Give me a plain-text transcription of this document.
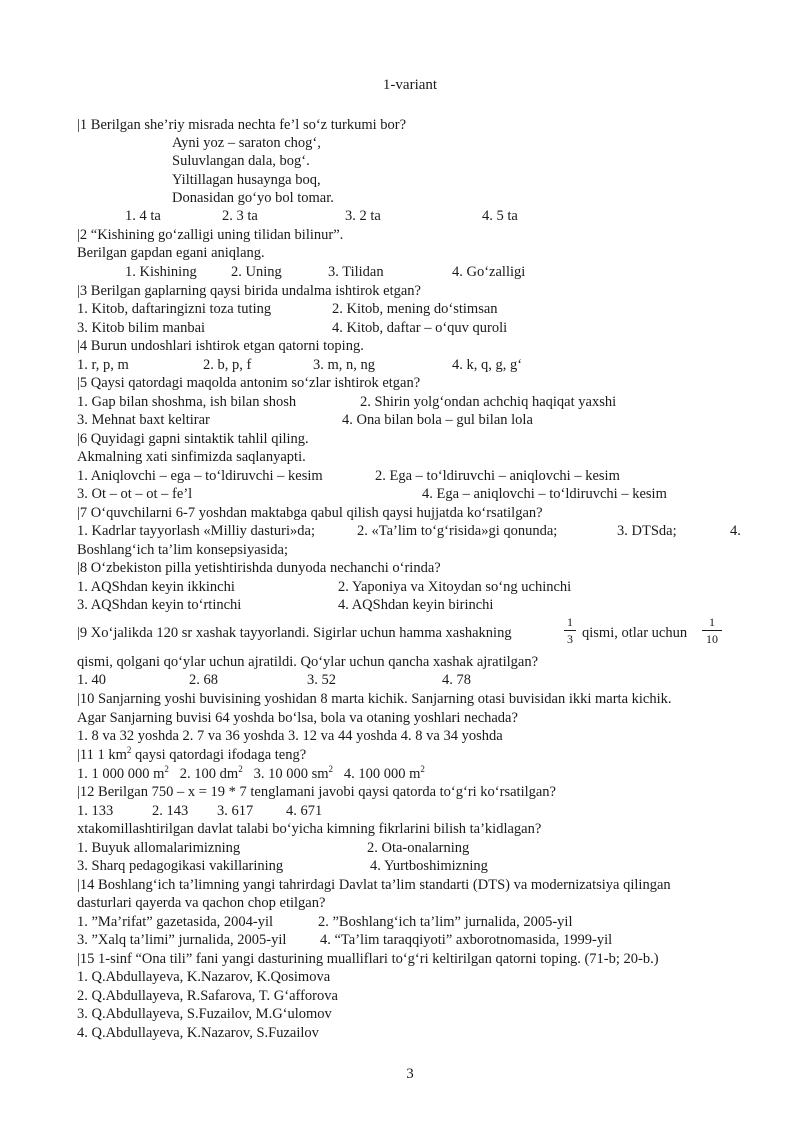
1-variant
|1 Berilgan she’riy misrada nechta fe’l so‘z turkumi bor?
Ayni yoz – saraton chog‘,
Suluvlangan dala, bog‘.
Yiltillagan husaynga boq,
Donasidan go‘yo bol tomar.
1. 4 ta	2. 3 ta	3. 2 ta	4. 5 ta
|2 “Kishining go‘zalligi uning tilidan bilinur”.
Berilgan gapdan egani aniqlang.
1. Kishining 2. Uning	3. Tilidan	4. Go‘zalligi
|3 Berilgan gaplarning qaysi birida undalma ishtirok etgan?
1. Kitob, daftaringizni toza tuting	2. Kitob, mening do‘stimsan
3. Kitob bilim manbai	4. Kitob, daftar – o‘quv quroli
|4 Burun undoshlari ishtirok etgan qatorni toping.
1. r, p, m	2. b, p, f	3. m, n, ng	4. k, q, g, g‘
|5 Qaysi qatordagi maqolda antonim so‘zlar ishtirok etgan?
1. Gap bilan shoshma, ish bilan shosh	2. Shirin yolg‘ondan achchiq haqiqat yaxshi
3. Mehnat baxt keltirar	4. Ona bilan bola – gul bilan lola
|6 Quyidagi gapni sintaktik tahlil qiling.
Akmalning xati sinfimizda saqlanyapti.
1. Aniqlovchi – ega – to‘ldiruvchi – kesim	2. Ega – to‘ldiruvchi – aniqlovchi – kesim
3. Ot – ot – ot – fe’l	4. Ega – aniqlovchi – to‘ldiruvchi – kesim
|7 O‘quvchilarni 6-7 yoshdan maktabga qabul qilish qaysi hujjatda ko‘rsatilgan?
1. Kadrlar tayyorlash «Milliy dasturi»da;	2. «Ta’lim to‘g‘risida»gi qonunda;	3. DTSda;	4.
Boshlang‘ich ta’lim konsepsiyasida;
|8 O‘zbekiston pilla yetishtirishda dunyoda nechanchi o‘rinda?
1. AQShdan keyin ikkinchi	2. Yaponiya va Xitoydan so‘ng uchinchi
3. AQShdan keyin to‘rtinchi	4. AQShdan keyin birinchi
|9 Xo‘jalikda 120 sr xashak tayyorlandi. Sigirlar uchun hamma xashakning
1
3 qismi, otlar uchun
1
10
qismi, qolgani qo‘ylar uchun ajratildi. Qo‘ylar uchun qancha xashak ajratilgan?
1. 40	2. 68	3. 52	4. 78
|10 Sanjarning yoshi buvisining yoshidan 8 marta kichik. Sanjarning otasi buvisidan ikki marta kichik.
Agar Sanjarning buvisi 64 yoshda bo‘lsa, bola va otaning yoshlari nechada?
1. 8 va 32 yoshda 2. 7 va 36 yoshda 3. 12 va 44 yoshda 4. 8 va 34 yoshda
|11 1 $km^2$ qaysi qatordagi ifodaga teng?
1. 1 000 000 $m^2$ 2. 100 $dm^2$ 3. 10 000 $sm^2$ 4. 100 000 $m^2$
|12 Berilgan 750 – x = 19 * 7 tenglamani javobi qaysi qatorda to‘g‘ri ko‘rsatilgan?
1. 133	2. 143 3. 617 4. 671
xtakomillashtirilgan davlat talabi bo‘yicha kimning fikrlarini bilish ta’kidlagan?
1. Buyuk allomalarimizning	2. Ota-onalarning
3. Sharq pedagogikasi vakillarining	4. Yurtboshimizning
|14 Boshlang‘ich ta’limning yangi tahrirdagi Davlat ta’lim standarti (DTS) va modernizatsiya qilingan
dasturlari qayerda va qachon chop etilgan?
1. ”Ma’rifat” gazetasida, 2004-yil	2. ”Boshlang‘ich ta’lim” jurnalida, 2005-yil
3. ”Xalq ta’limi” jurnalida, 2005-yil 4. “Ta’lim taraqqiyoti” axborotnomasida, 1999-yil
|15 1-sinf “Ona tili” fani yangi dasturining mualliflari to‘g‘ri keltirilgan qatorni toping. (71-b; 20-b.)
1. Q.Abdullayeva, K.Nazarov, K.Qosimova
2. Q.Abdullayeva, R.Safarova, T. G‘afforova
3. Q.Abdullayeva, S.Fuzailov, M.G‘ulomov
4. Q.Abdullayeva, K.Nazarov, S.Fuzailov
3
